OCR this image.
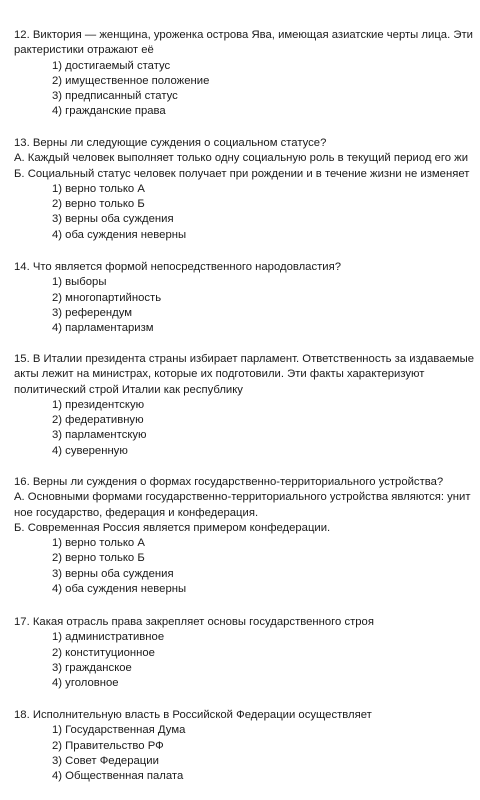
12. Виктория — женщина, уроженка острова Ява, имеющая азиатские черты лица. Эти
рактеристики отражают её
1) достигаемый статус
2) имущественное положение
3) предписанный статус
4) гражданские права
13. Верны ли следующие суждения о социальном статусе?
А. Каждый человек выполняет только одну социальную роль в текущий период его жи
Б. Социальный статус человек получает при рождении и в течение жизни не изменяет
1) верно только А
2) верно только Б
3) верны оба суждения
4) оба суждения неверны
14. Что является формой непосредственного народовластия?
1) выборы
2) многопартийность
3) референдум
4) парламентаризм
15. В Италии президента страны избирает парламент. Ответственность за издаваемые
акты лежит на министрах, которые их подготовили. Эти факты характеризуют
политический строй Италии как республику
1) президентскую
2) федеративную
3) парламентскую
4) суверенную
16. Верны ли суждения о формах государственно-территориального устройства?
А. Основными формами государственно-территориального устройства являются: унит
ное государство, федерация и конфедерация.
Б. Современная Россия является примером конфедерации.
1) верно только А
2) верно только Б
3) верны оба суждения
4) оба суждения неверны
17. Какая отрасль права закрепляет основы государственного строя
1) административное
2) конституционное
3) гражданское
4) уголовное
18. Исполнительную власть в Российской Федерации осуществляет
1) Государственная Дума
2) Правительство РФ
3) Совет Федерации
4) Общественная палата
